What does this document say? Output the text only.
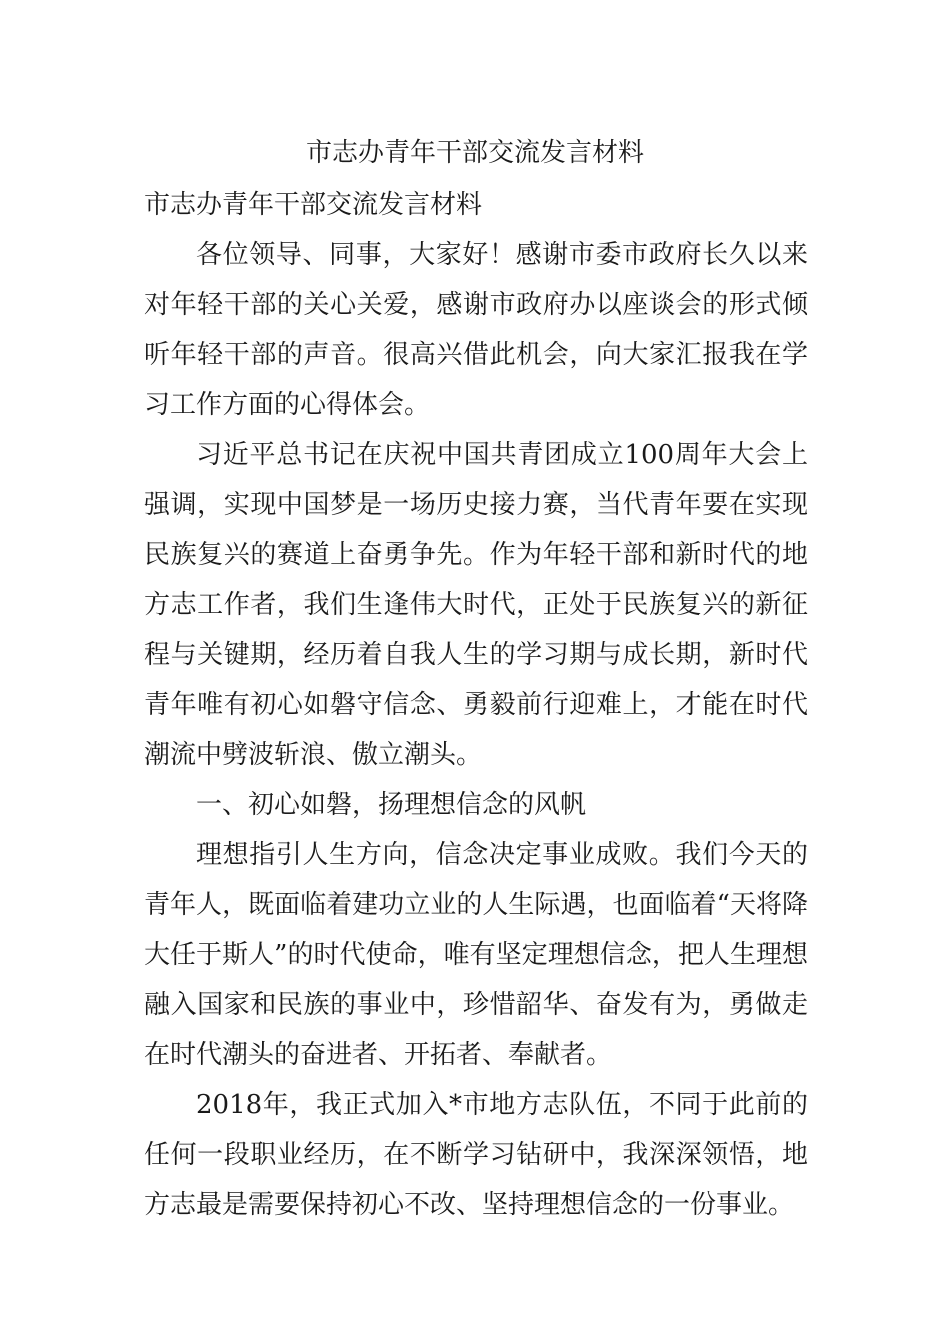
市志办青年干部交流发言材料

市志办青年干部交流发言材料

各位领导、同事，大家好！感谢市委市政府长久以来对年轻干部的关心关爱，感谢市政府办以座谈会的形式倾听年轻干部的声音。很高兴借此机会，向大家汇报我在学习工作方面的心得体会。

习近平总书记在庆祝中国共青团成立100周年大会上强调，实现中国梦是一场历史接力赛，当代青年要在实现民族复兴的赛道上奋勇争先。作为年轻干部和新时代的地方志工作者，我们生逢伟大时代，正处于民族复兴的新征程与关键期，经历着自我人生的学习期与成长期，新时代青年唯有初心如磐守信念、勇毅前行迎难上，才能在时代潮流中劈波斩浪、傲立潮头。

一、初心如磐，扬理想信念的风帆

理想指引人生方向，信念决定事业成败。我们今天的青年人，既面临着建功立业的人生际遇，也面临着“天将降大任于斯人”的时代使命，唯有坚定理想信念，把人生理想融入国家和民族的事业中，珍惜韶华、奋发有为，勇做走在时代潮头的奋进者、开拓者、奉献者。

2018年，我正式加入*市地方志队伍，不同于此前的任何一段职业经历，在不断学习钻研中，我深深领悟，地方志最是需要保持初心不改、坚持理想信念的一份事业。
